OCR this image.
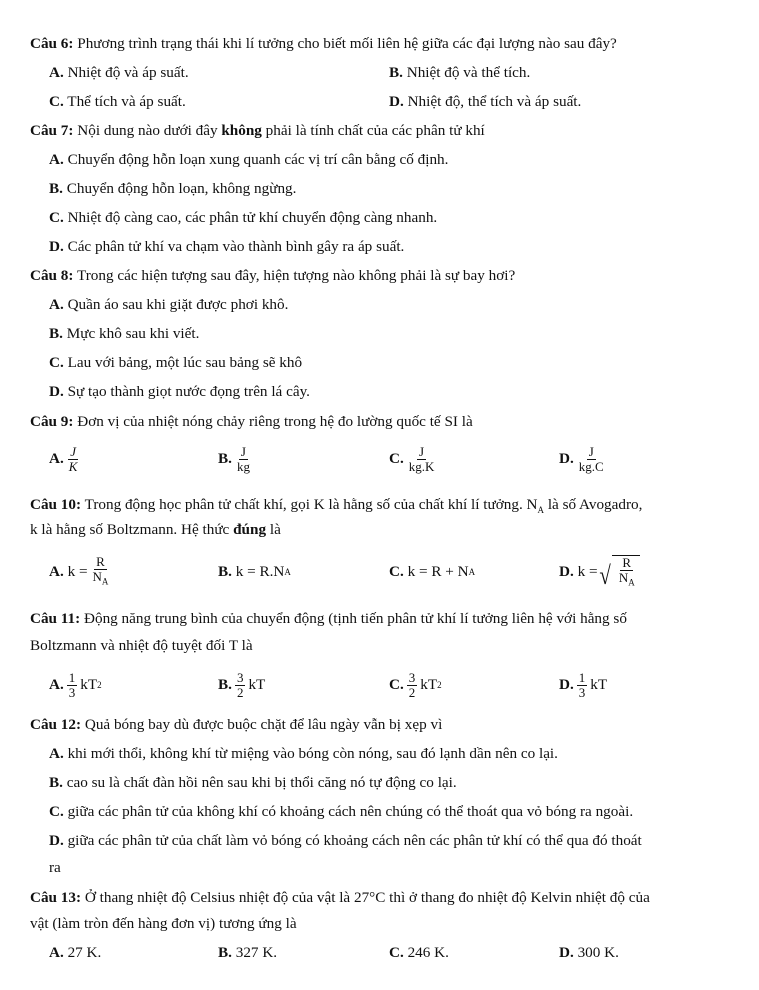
Câu 6: Phương trình trạng thái khi lí tưởng cho biết mối liên hệ giữa các đại lượng nào sau đây?
A. Nhiệt độ và áp suất.	B. Nhiệt độ và thể tích.
C. Thể tích và áp suất.	D. Nhiệt độ, thể tích và áp suất.
Câu 7: Nội dung nào dưới đây không phải là tính chất của các phân tử khí
A. Chuyển động hỗn loạn xung quanh các vị trí cân bằng cố định.
B. Chuyển động hỗn loạn, không ngừng.
C. Nhiệt độ càng cao, các phân tử khí chuyển động càng nhanh.
D. Các phân tử khí va chạm vào thành bình gây ra áp suất.
Câu 8: Trong các hiện tượng sau đây, hiện tượng nào không phải là sự bay hơi?
A. Quần áo sau khi giặt được phơi khô.
B. Mực khô sau khi viết.
C. Lau với bảng, một lúc sau bảng sẽ khô
D. Sự tạo thành giọt nước đọng trên lá cây.
Câu 9: Đơn vị của nhiệt nóng chảy riêng trong hệ đo lường quốc tế SI là
A. $\frac{J}{K}$	B. $\frac{J}{kg}$	C. $\frac{J}{kg.K}$	D. $\frac{J}{kg.C}$
Câu 10: Trong động học phân tử chất khí, gọi K là hằng số của chất khí lí tưởng. $N_A$ là số Avogadro,
k là hằng số Boltzmann. Hệ thức đúng là
A.
$k = \frac{R}{N_A}$	B.
k = R.N A	C.
k = R + N A	D.
k = √ $\frac{R}{N_A}$
Câu 11: Động năng trung bình của chuyển động (tịnh tiến phân tử khí lí tưởng liên hệ với hằng số
Boltzmann và nhiệt độ tuyệt đối T là
A. $\frac{1}{3}$ kT 2	B. $\frac{3}{2}$ kT	C. $\frac{3}{2}$ kT 2	D. $\frac{1}{3}$ kT
Câu 12: Quả bóng bay dù được buộc chặt để lâu ngày vẫn bị xẹp vì
A. khi mới thổi, không khí từ miệng vào bóng còn nóng, sau đó lạnh dần nên co lại.
B. cao su là chất đàn hồi nên sau khi bị thổi căng nó tự động co lại.
C. giữa các phân tử của không khí có khoảng cách nên chúng có thể thoát qua vỏ bóng ra ngoài.
D. giữa các phân tử của chất làm vỏ bóng có khoảng cách nên các phân tử khí có thể qua đó thoát
ra
Câu 13: Ở thang nhiệt độ Celsius nhiệt độ của vật là 27°C thì ở thang đo nhiệt độ Kelvin nhiệt độ của
vật (làm tròn đến hàng đơn vị) tương ứng là
A. 27 K.	B. 327 K.	C. 246 K.	D. 300 K.
